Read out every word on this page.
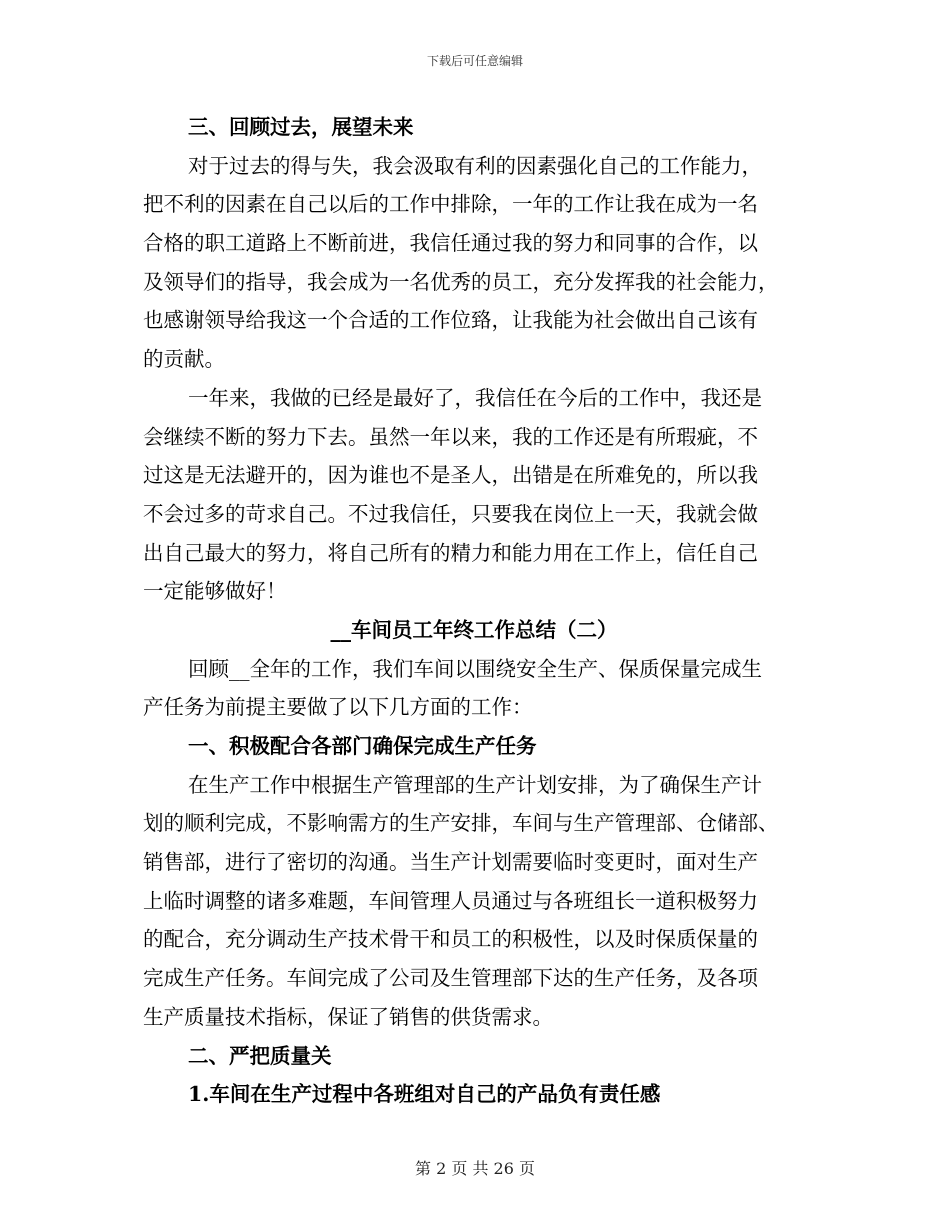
下载后可任意编辑
三、回顾过去，展望未来
对于过去的得与失，我会汲取有利的因素强化自己的工作能力，
把不利的因素在自己以后的工作中排除，一年的工作让我在成为一名
合格的职工道路上不断前进，我信任通过我的努力和同事的合作，以
及领导们的指导，我会成为一名优秀的员工，充分发挥我的社会能力，
也感谢领导给我这一个合适的工作位臵，让我能为社会做出自己该有
的贡献。
一年来，我做的已经是最好了，我信任在今后的工作中，我还是
会继续不断的努力下去。虽然一年以来，我的工作还是有所瑕疵，不
过这是无法避开的，因为谁也不是圣人，出错是在所难免的，所以我
不会过多的苛求自己。不过我信任，只要我在岗位上一天，我就会做
出自己最大的努力，将自己所有的精力和能力用在工作上，信任自己
一定能够做好！
__车间员工年终工作总结（二）
回顾__全年的工作，我们车间以围绕安全生产、保质保量完成生
产任务为前提主要做了以下几方面的工作：
一、积极配合各部门确保完成生产任务
在生产工作中根据生产管理部的生产计划安排，为了确保生产计
划的顺利完成，不影响需方的生产安排，车间与生产管理部、仓储部、
销售部，进行了密切的沟通。当生产计划需要临时变更时，面对生产
上临时调整的诸多难题，车间管理人员通过与各班组长一道积极努力
的配合，充分调动生产技术骨干和员工的积极性，以及时保质保量的
完成生产任务。车间完成了公司及生管理部下达的生产任务，及各项
生产质量技术指标，保证了销售的供货需求。
二、严把质量关
1.车间在生产过程中各班组对自己的产品负有责任感
第 2 页 共 26 页
